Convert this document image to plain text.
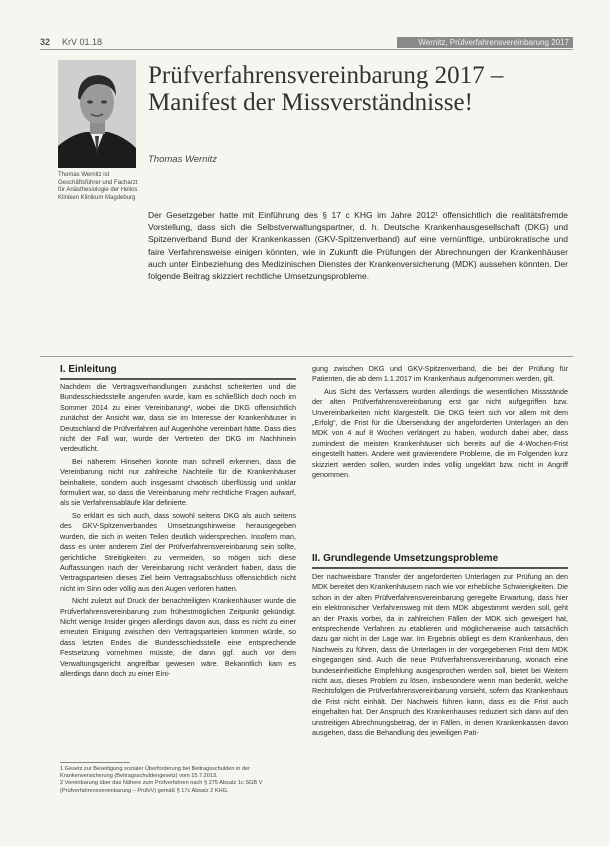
32 KrV 01.18	Wernitz, Prüfverfahrensvereinbarung 2017
Thomas Wernitz ist Geschäftsführer und Facharzt für Anästhesiologie der Helios Kliniken Klinikum Magdeburg
Prüfverfahrensvereinbarung 2017 –
Manifest der Missverständnisse!
Thomas Wernitz
Der Gesetzgeber hatte mit Einführung des § 17 c KHG im Jahre 2012¹ offensichtlich die realitätsfremde Vorstellung, dass sich die Selbstverwaltungspartner, d. h. Deutsche Krankenhausgesellschaft (DKG) und Spitzenverband Bund der Krankenkassen (GKV-Spitzenverband) auf eine vernünftige, unbürokratische und faire Verfahrensweise einigen könnten, wie in Zukunft die Prüfungen der Abrechnungen der Krankenhäuser auch unter Einbeziehung des Medizinischen Dienstes der Krankenversicherung (MDK) aussehen könnten. Der folgende Beitrag skizziert rechtliche Umsetzungsprobleme.
I. Einleitung

Nachdem die Vertragsverhandlungen zunächst scheiterten und die Bundesschiedsstelle angerufen wurde, kam es schließlich doch noch im Sommer 2014 zu einer Vereinbarung², wobei die DKG offensichtlich zunächst der Ansicht war, dass sie im Interesse der Krankenhäuser in Deutschland die Prüfverfahren auf Augenhöhe vereinbart hätte. Dass dies nicht der Fall war, wurde der Vertreten der DKG im Nachhinein verdeutlicht.

Bei näherem Hinsehen konnte man schnell erkennen, dass die Vereinbarung nicht nur zahlreiche Nachteile für die Krankenhäuser beinhaltete, sondern auch insgesamt chaotisch überflüssig und unklar formuliert war, so dass die Vereinbarung mehr rechtliche Fragen aufwarf, als sie Verfahrensabläufe klar definierte.

So erklärt es sich auch, dass sowohl seitens DKG als auch seitens des GKV-Spitzenverbandes Umsetzungshinweise herausgegeben wurden, die sich in weiten Teilen deutlich widersprechen. Insofern man, dass es unter anderem Ziel der Prüfverfahrensvereinbarung sein sollte, gerichtliche Streitigkeiten zu vermeiden, so mögen sich diese Auffassungen nach der Vereinbarung nicht verändert haben, dass die Vertragsparteien dieses Ziel beim Vertragsabschluss offensichtlich nicht nicht im Sinn oder völlig aus den Augen verloren hatten.

Nicht zuletzt auf Druck der benachteiligten Krankenhäuser wurde die Prüfverfahrensvereinbarung zum frühestmöglichen Zeitpunkt gekündigt. Nicht wenige Insider gingen allerdings davon aus, dass es nicht zu einer erneuten Einigung zwischen den Vertragsparteien kommen würde, so dass letzten Endes die Bundesschiedsstelle eine entsprechende Festsetzung vornehmen müsste, die dann ggf. auch vor dem Verwaltungsgericht angreifbar gewesen wäre. Bekanntlich kam es allerdings dann doch zu einer Eini-

1 Gesetz zur Beseitigung sozialer Überforderung bei Beitragsschulden in der Krankenversicherung (Beitragsschuldengesetz) vom 15.7.2013.
2 Vereinbarung über das Nähere zum Prüfverfahren nach § 275 Absatz 1c SGB V (Prüfverfahrensvereinbarung – PrüfvV) gemäß § 17c Absatz 2 KHG.

gung zwischen DKG und GKV-Spitzenverband, die bei der Prüfung für Patienten, die ab dem 1.1.2017 im Krankenhaus aufgenommen werden, gilt.

Aus Sicht des Verfassers wurden allerdings die wesentlichen Missstände der alten Prüfverfahrensvereinbarung erst gar nicht aufgegriffen bzw. Unvereinbarkeiten nicht klargestellt. Die DKG feiert sich vor allem mit dem „Erfolg“, die Frist für die Übersendung der angeforderten Unterlagen an den MDK von 4 auf 8 Wochen verlängert zu haben, wodurch dabei aber, dass zumindest die meisten Krankenhäuser sich bereits auf die 4-Wochen-Frist eingestellt hatten. Andere weit gravierendere Probleme, die im Folgenden kurz skizziert werden sollen, wurden indes völlig ungeklärt bzw. nicht in Angriff genommen.

II. Grundlegende Umsetzungsprobleme

Der nachweisbare Transfer der angeforderten Unterlagen zur Prüfung an den MDK bereitet den Krankenhäusern nach wie vor erhebliche Schwierigkeiten. Die schon in der alten Prüfverfahrensvereinbarung geregelte Erwartung, dass hier ein elektronischer Verfahrensweg mit dem MDK abgestimmt werden soll, geht an der Praxis vorbei, da in zahlreichen Fällen der MDK sich geweigert hat, entsprechende Verfahren zu etablieren und möglicherweise auch tatsächlich dazu gar nicht in der Lage war. Im Ergebnis obliegt es dem Krankenhaus, den Nachweis zu führen, dass die Unterlagen in der vorgegebenen Frist dem MDK eingegangen sind. Auch die neue Prüfverfahrensvereinbarung, wonach eine bundeseinheitliche Empfehlung ausgesprochen werden soll, bietet bei Weitem nicht aus, dieses Problem zu lösen, insbesondere wenn man bedenkt, welche Rechtsfolgen die Prüfverfahrensvereinbarung vorsieht, sofern das Krankenhaus die Frist nicht einhält. Der Nachweis führen kann, dass es die Frist auch eingehalten hat. Der Anspruch des Krankenhauses reduziert sich dann auf den unstreitigen Abrechnungsbetrag, der in Fällen, in denen Krankenkassen davon ausgehen, dass die Behandlung des jeweiligen Pati-
